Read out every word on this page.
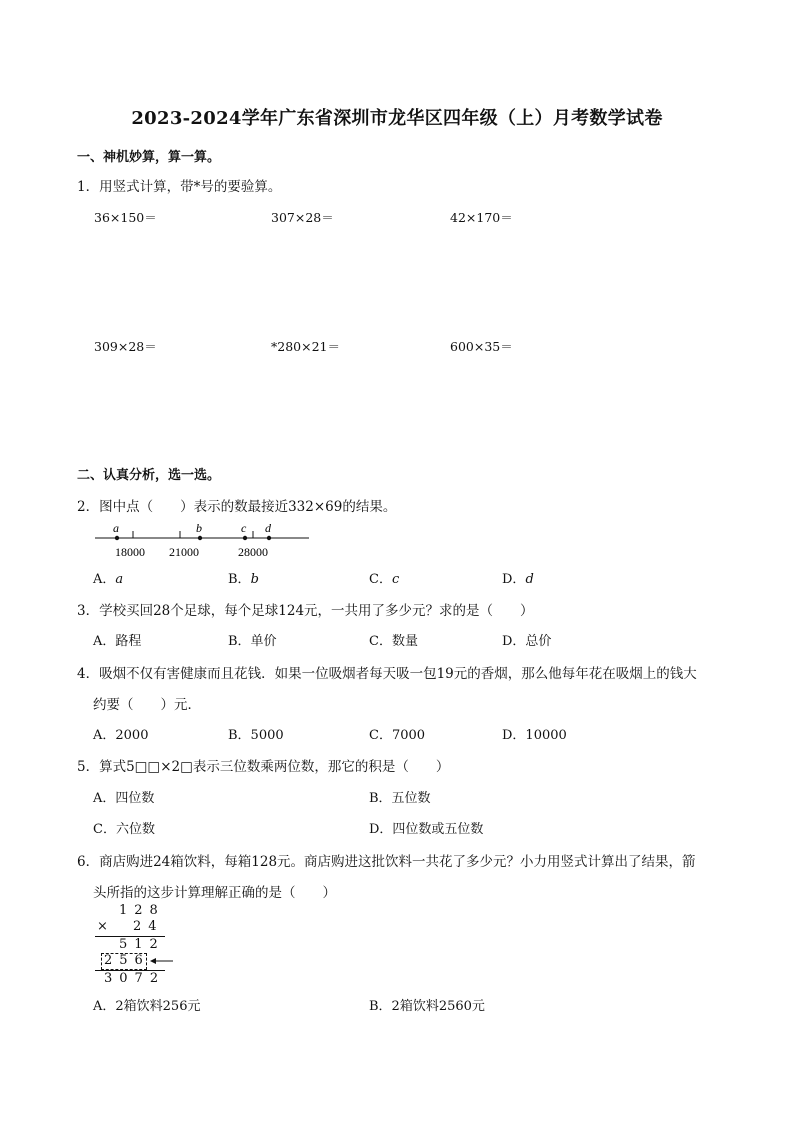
2023-2024学年广东省深圳市龙华区四年级（上）月考数学试卷
一、神机妙算，算一算。
1．用竖式计算，带*号的要验算。
36×150＝	307×28＝	42×170＝
309×28＝	*280×21＝	600×35＝
二、认真分析，选一选。
2．图中点（　　）表示的数最接近332×69的结果。
a	b	c d
18000 21000	28000
A．a	B．b	C．c	D．d
3．学校买回28个足球，每个足球124元，一共用了多少元？求的是（　　）
A．路程	B．单价	C．数量	D．总价
4．吸烟不仅有害健康而且花钱．如果一位吸烟者每天吸一包19元的香烟，那么他每年花在吸烟上的钱大
约要（　　）元．
A．2000	B．5000	C．7000	D．10000
5．算式5□□×2□表示三位数乘两位数，那它的积是（　　）
A．四位数	B．五位数
C．六位数	D．四位数或五位数
6．商店购进24箱饮料，每箱128元。商店购进这批饮料一共花了多少元？小力用竖式计算出了结果，箭
头所指的这步计算理解正确的是（　　）
128
× 24
512
256
3072
A．2箱饮料256元	B．2箱饮料2560元
